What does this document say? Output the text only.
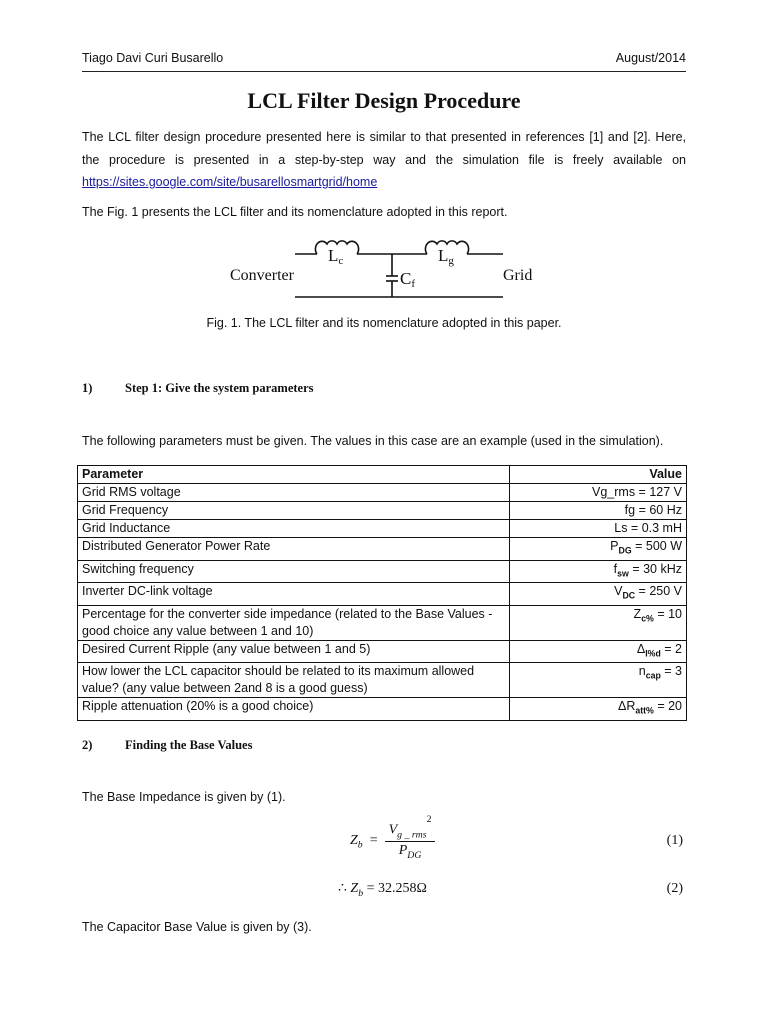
Tiago Davi Curi Busarello	August/2014
LCL Filter Design Procedure

The LCL filter design procedure presented here is similar to that presented in references [1] and [2]. Here, the procedure is presented in a step-by-step way and the simulation file is freely available on https://sites.google.com/site/busarellosmartgrid/home

The Fig. 1 presents the LCL filter and its nomenclature adopted in this report.

Lc	Lg
Cf
Converter	Grid

Fig. 1. The LCL filter and its nomenclature adopted in this paper.

1)	Step 1: Give the system parameters

The following parameters must be given. The values in this case are an example (used in the simulation).

Parameter	Value
Grid RMS voltage	Vg_rms = 127 V
Grid Frequency	fg = 60 Hz
Grid Inductance	Ls = 0.3 mH
Distributed Generator Power Rate	$P_{DG} = 500$ W
Switching frequency	$f_{sw} = 30$ kHz
Inverter DC-link voltage	$V_{DC} = 250$ V
Percentage for the converter side impedance (related to the Base Values - good choice any value between 1 and 10)	$Z_{c\%} = 10$
Desired Current Ripple (any value between 1 and 5)	$\Delta_{I\%d} = 2$
How lower the LCL capacitor should be related to its maximum allowed value? (any value between 2and 8 is a good guess)	$n_{cap} = 3$
Ripple attenuation (20% is a good choice)	$\Delta R_{att\%} = 20$
2)	Finding the Base Values

The Base Impedance is given by (1).

$Z_b = \frac{V_{g \_ rms}^2}{P_{DG}}$	(1)
∴ $Z_b = 32.258\Omega$	(2)

The Capacitor Base Value is given by (3).
